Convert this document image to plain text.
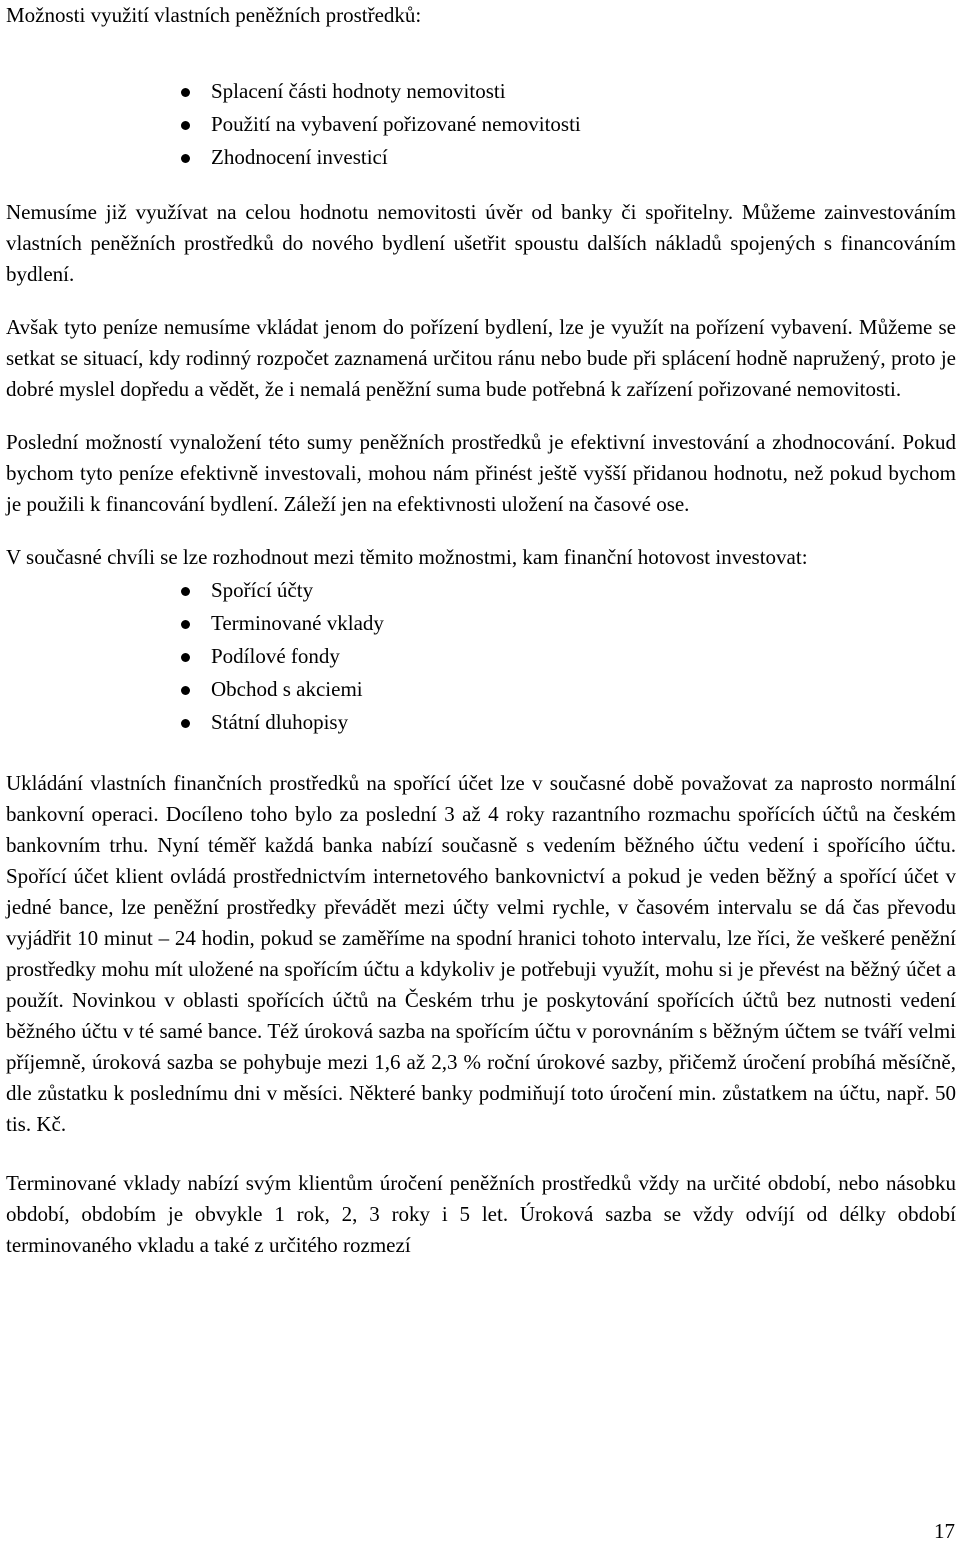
Možnosti využití vlastních peněžních prostředků:

Splacení části hodnoty nemovitosti
Použití na vybavení pořizované nemovitosti
Zhodnocení investicí

Nemusíme již využívat na celou hodnotu nemovitosti úvěr od banky či spořitelny. Můžeme zainvestováním vlastních peněžních prostředků do nového bydlení ušetřit spoustu dalších nákladů spojených s financováním bydlení.

Avšak tyto peníze nemusíme vkládat jenom do pořízení bydlení, lze je využít na pořízení vybavení. Můžeme se setkat se situací, kdy rodinný rozpočet zaznamená určitou ránu nebo bude při splácení hodně napružený, proto je dobré myslel dopředu a vědět, že i nemalá peněžní suma bude potřebná k zařízení pořizované nemovitosti.

Poslední možností vynaložení této sumy peněžních prostředků je efektivní investování a zhodnocování. Pokud bychom tyto peníze efektivně investovali, mohou nám přinést ještě vyšší přidanou hodnotu, než pokud bychom je použili k financování bydlení. Záleží jen na efektivnosti uložení na časové ose.

V současné chvíli se lze rozhodnout mezi těmito možnostmi, kam finanční hotovost investovat:

Spořící účty
Terminované vklady
Podílové fondy
Obchod s akciemi
Státní dluhopisy

Ukládání vlastních finančních prostředků na spořící účet lze v současné době považovat za naprosto normální bankovní operaci. Docíleno toho bylo za poslední 3 až 4 roky razantního rozmachu spořících účtů na českém bankovním trhu. Nyní téměř každá banka nabízí současně s vedením běžného účtu vedení i spořícího účtu. Spořící účet klient ovládá prostřednictvím internetového bankovnictví a pokud je veden běžný a spořící účet v jedné bance, lze peněžní prostředky převádět mezi účty velmi rychle, v časovém intervalu se dá čas převodu vyjádřit 10 minut – 24 hodin, pokud se zaměříme na spodní hranici tohoto intervalu, lze říci, že veškeré peněžní prostředky mohu mít uložené na spořícím účtu a kdykoliv je potřebuji využít, mohu si je převést na běžný účet a použít. Novinkou v oblasti spořících účtů na Českém trhu je poskytování spořících účtů bez nutnosti vedení běžného účtu v té samé bance. Též úroková sazba na spořícím účtu v porovnáním s běžným účtem se tváří velmi příjemně, úroková sazba se pohybuje mezi 1,6 až 2,3 % roční úrokové sazby, přičemž úročení probíhá měsíčně, dle zůstatku k poslednímu dni v měsíci. Některé banky podmiňují toto úročení min. zůstatkem na účtu, např. 50 tis. Kč.

Terminované vklady nabízí svým klientům úročení peněžních prostředků vždy na určité období, nebo násobku období, obdobím je obvykle 1 rok, 2, 3 roky i 5 let. Úroková sazba se vždy odvíjí od délky období terminovaného vkladu a také z určitého rozmezí

17
